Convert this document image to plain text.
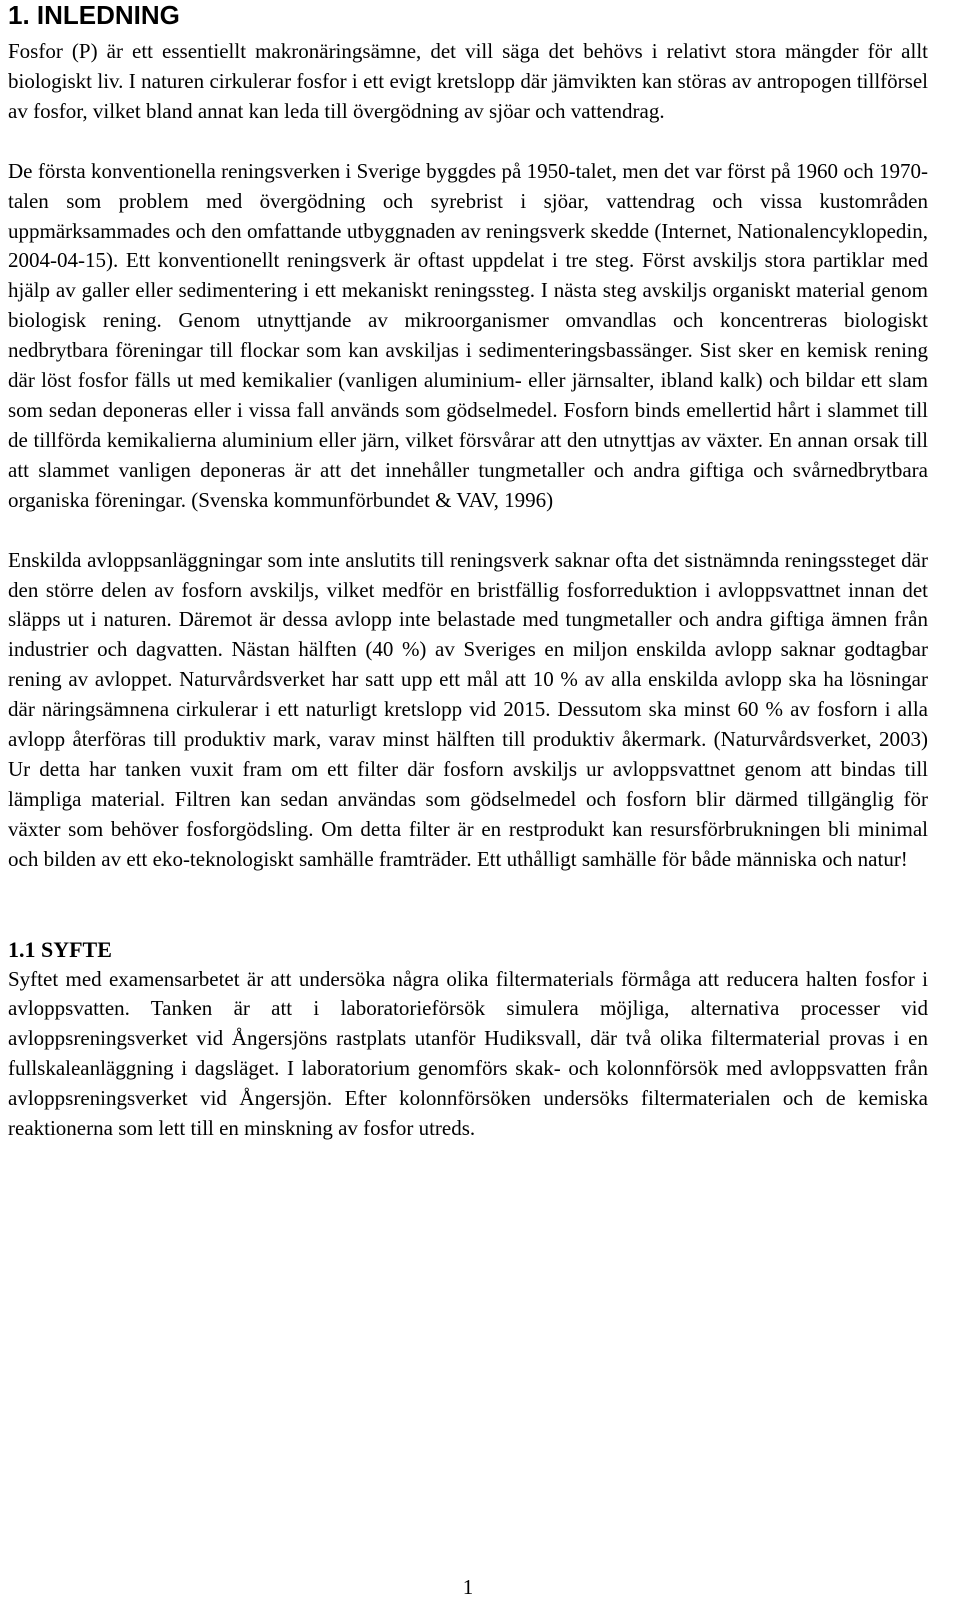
1. INLEDNING

Fosfor (P) är ett essentiellt makronäringsämne, det vill säga det behövs i relativt stora mängder för allt biologiskt liv. I naturen cirkulerar fosfor i ett evigt kretslopp där jämvikten kan störas av antropogen tillförsel av fosfor, vilket bland annat kan leda till övergödning av sjöar och vattendrag.

De första konventionella reningsverken i Sverige byggdes på 1950-talet, men det var först på 1960 och 1970-talen som problem med övergödning och syrebrist i sjöar, vattendrag och vissa kustområden uppmärksammades och den omfattande utbyggnaden av reningsverk skedde (Internet, Nationalencyklopedin, 2004-04-15). Ett konventionellt reningsverk är oftast uppdelat i tre steg. Först avskiljs stora partiklar med hjälp av galler eller sedimentering i ett mekaniskt reningssteg. I nästa steg avskiljs organiskt material genom biologisk rening. Genom utnyttjande av mikroorganismer omvandlas och koncentreras biologiskt nedbrytbara föreningar till flockar som kan avskiljas i sedimenteringsbassänger. Sist sker en kemisk rening där löst fosfor fälls ut med kemikalier (vanligen aluminium- eller järnsalter, ibland kalk) och bildar ett slam som sedan deponeras eller i vissa fall används som gödselmedel. Fosforn binds emellertid hårt i slammet till de tillförda kemikalierna aluminium eller järn, vilket försvårar att den utnyttjas av växter. En annan orsak till att slammet vanligen deponeras är att det innehåller tungmetaller och andra giftiga och svårnedbrytbara organiska föreningar. (Svenska kommunförbundet & VAV, 1996)

Enskilda avloppsanläggningar som inte anslutits till reningsverk saknar ofta det sistnämnda reningssteget där den större delen av fosforn avskiljs, vilket medför en bristfällig fosforreduktion i avloppsvattnet innan det släpps ut i naturen. Däremot är dessa avlopp inte belastade med tungmetaller och andra giftiga ämnen från industrier och dagvatten. Nästan hälften (40 %) av Sveriges en miljon enskilda avlopp saknar godtagbar rening av avloppet. Naturvårdsverket har satt upp ett mål att 10 % av alla enskilda avlopp ska ha lösningar där näringsämnena cirkulerar i ett naturligt kretslopp vid 2015. Dessutom ska minst 60 % av fosforn i alla avlopp återföras till produktiv mark, varav minst hälften till produktiv åkermark. (Naturvårdsverket, 2003) Ur detta har tanken vuxit fram om ett filter där fosforn avskiljs ur avloppsvattnet genom att bindas till lämpliga material. Filtren kan sedan användas som gödselmedel och fosforn blir därmed tillgänglig för växter som behöver fosforgödsling. Om detta filter är en restprodukt kan resursförbrukningen bli minimal och bilden av ett eko-teknologiskt samhälle framträder. Ett uthålligt samhälle för både människa och natur!

1.1 SYFTE

Syftet med examensarbetet är att undersöka några olika filtermaterials förmåga att reducera halten fosfor i avloppsvatten. Tanken är att i laboratorieförsök simulera möjliga, alternativa processer vid avloppsreningsverket vid Ångersjöns rastplats utanför Hudiksvall, där två olika filtermaterial provas i en fullskaleanläggning i dagsläget. I laboratorium genomförs skak- och kolonnförsök med avloppsvatten från avloppsreningsverket vid Ångersjön. Efter kolonnförsöken undersöks filtermaterialen och de kemiska reaktionerna som lett till en minskning av fosfor utreds.

1
